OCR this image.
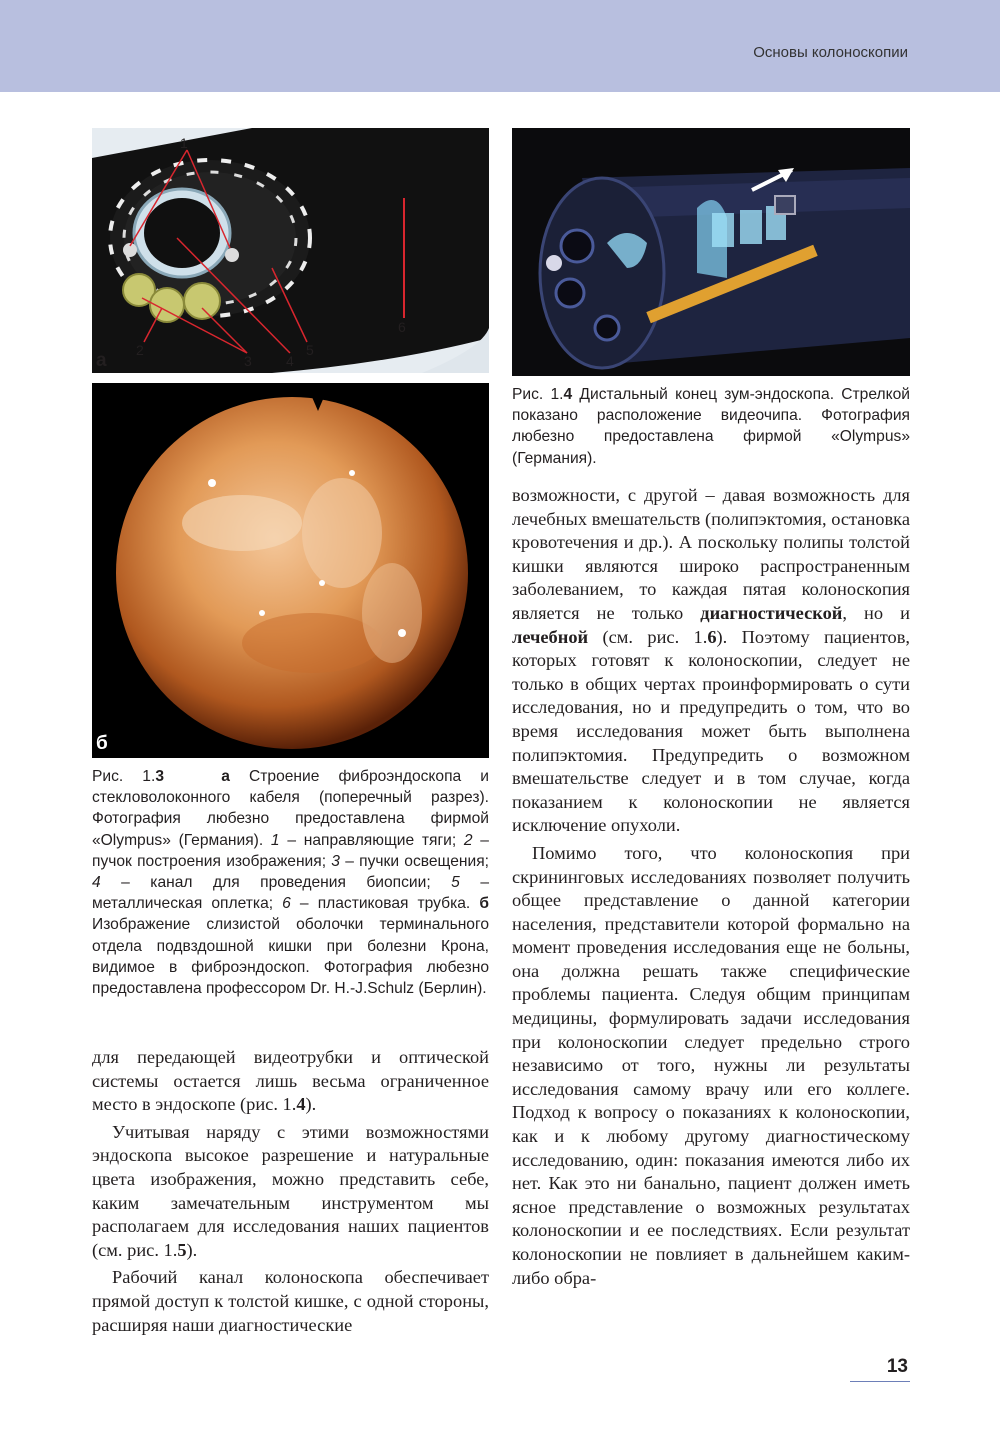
Основы колоноскопии
1
2
3 4
5
6
а
б
Рис. 1.4 Дистальный конец зум-эндоскопа. Стрелкой показано расположение видеочипа. Фотография любезно предоставлена фирмой «Olympus» (Германия).
Рис. 1.3	а Строение фиброэндоскопа и стекловолоконного кабеля (поперечный разрез). Фотография любезно предоставлена фирмой «Olympus» (Германия). 1 – направляющие тяги; 2 – пучок построения изображения; 3 – пучки освещения; 4 – канал для проведения биопсии; 5 – металлическая оплетка; 6 – пластиковая трубка. б Изображение слизистой оболочки терминального отдела подвздошной кишки при болезни Крона, видимое в фиброэндоскоп. Фотография любезно предоставлена профессором Dr. H.-J.Schulz (Берлин).

для передающей видеотрубки и оптической системы остается лишь весьма ограниченное место в эндоскопе (рис. 1.4).

Учитывая наряду с этими возможностями эндоскопа высокое разрешение и натуральные цвета изображения, можно представить себе, каким замечательным инструментом мы располагаем для исследования наших пациентов (см. рис. 1.5).

Рабочий канал колоноскопа обеспечивает прямой доступ к толстой кишке, с одной стороны, расширяя наши диагностические

возможности, с другой – давая возможность для лечебных вмешательств (полипэктомия, остановка кровотечения и др.). А поскольку полипы толстой кишки являются широко распространенным заболеванием, то каждая пятая колоноскопия является не только диагностической, но и лечебной (см. рис. 1.6). Поэтому пациентов, которых готовят к колоноскопии, следует не только в общих чертах проинформировать о сути исследования, но и предупредить о том, что во время исследования может быть выполнена полипэктомия. Предупредить о возможном вмешательстве следует и в том случае, когда показанием к колоноскопии не является исключение опухоли.

Помимо того, что колоноскопия при скрининговых исследованиях позволяет получить общее представление о данной категории населения, представители которой формально на момент проведения исследования еще не больны, она должна решать также специфические проблемы пациента. Следуя общим принципам медицины, формулировать задачи исследования при колоноскопии следует предельно строго независимо от того, нужны ли результаты исследования самому врачу или его коллеге. Подход к вопросу о показаниях к колоноскопии, как и к любому другому диагностическому исследованию, один: показания имеются либо их нет. Как это ни банально, пациент должен иметь ясное представление о возможных результатах колоноскопии и ее последствиях. Если результат колоноскопии не повлияет в дальнейшем каким-либо обра-

13
